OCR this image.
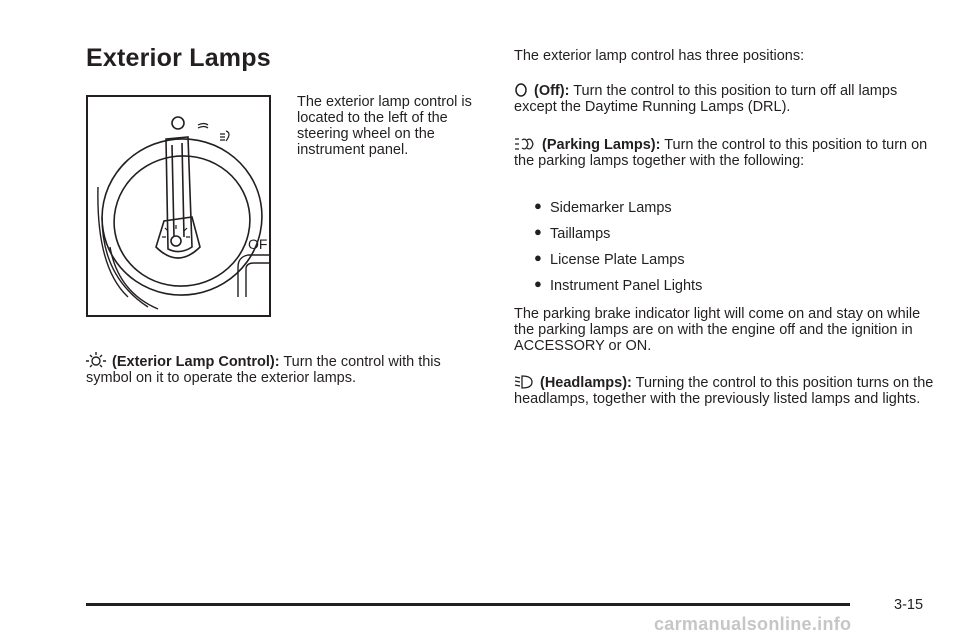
Exterior Lamps
OF
The exterior lamp control is located to the left of the steering wheel on the instrument panel.

(Exterior Lamp Control): Turn the control with this symbol on it to operate the exterior lamps.

The exterior lamp control has three positions:

(Off): Turn the control to this position to turn off all lamps except the Daytime Running Lamps (DRL).

(Parking Lamps): Turn the control to this position to turn on the parking lamps together with the following:

● Sidemarker Lamps
● Taillamps
● License Plate Lamps
● Instrument Panel Lights

The parking brake indicator light will come on and stay on while the parking lamps are on with the engine off and the ignition in ACCESSORY or ON.

(Headlamps): Turning the control to this position turns on the headlamps, together with the previously listed lamps and lights.

3-15
carmanualsonline.info
